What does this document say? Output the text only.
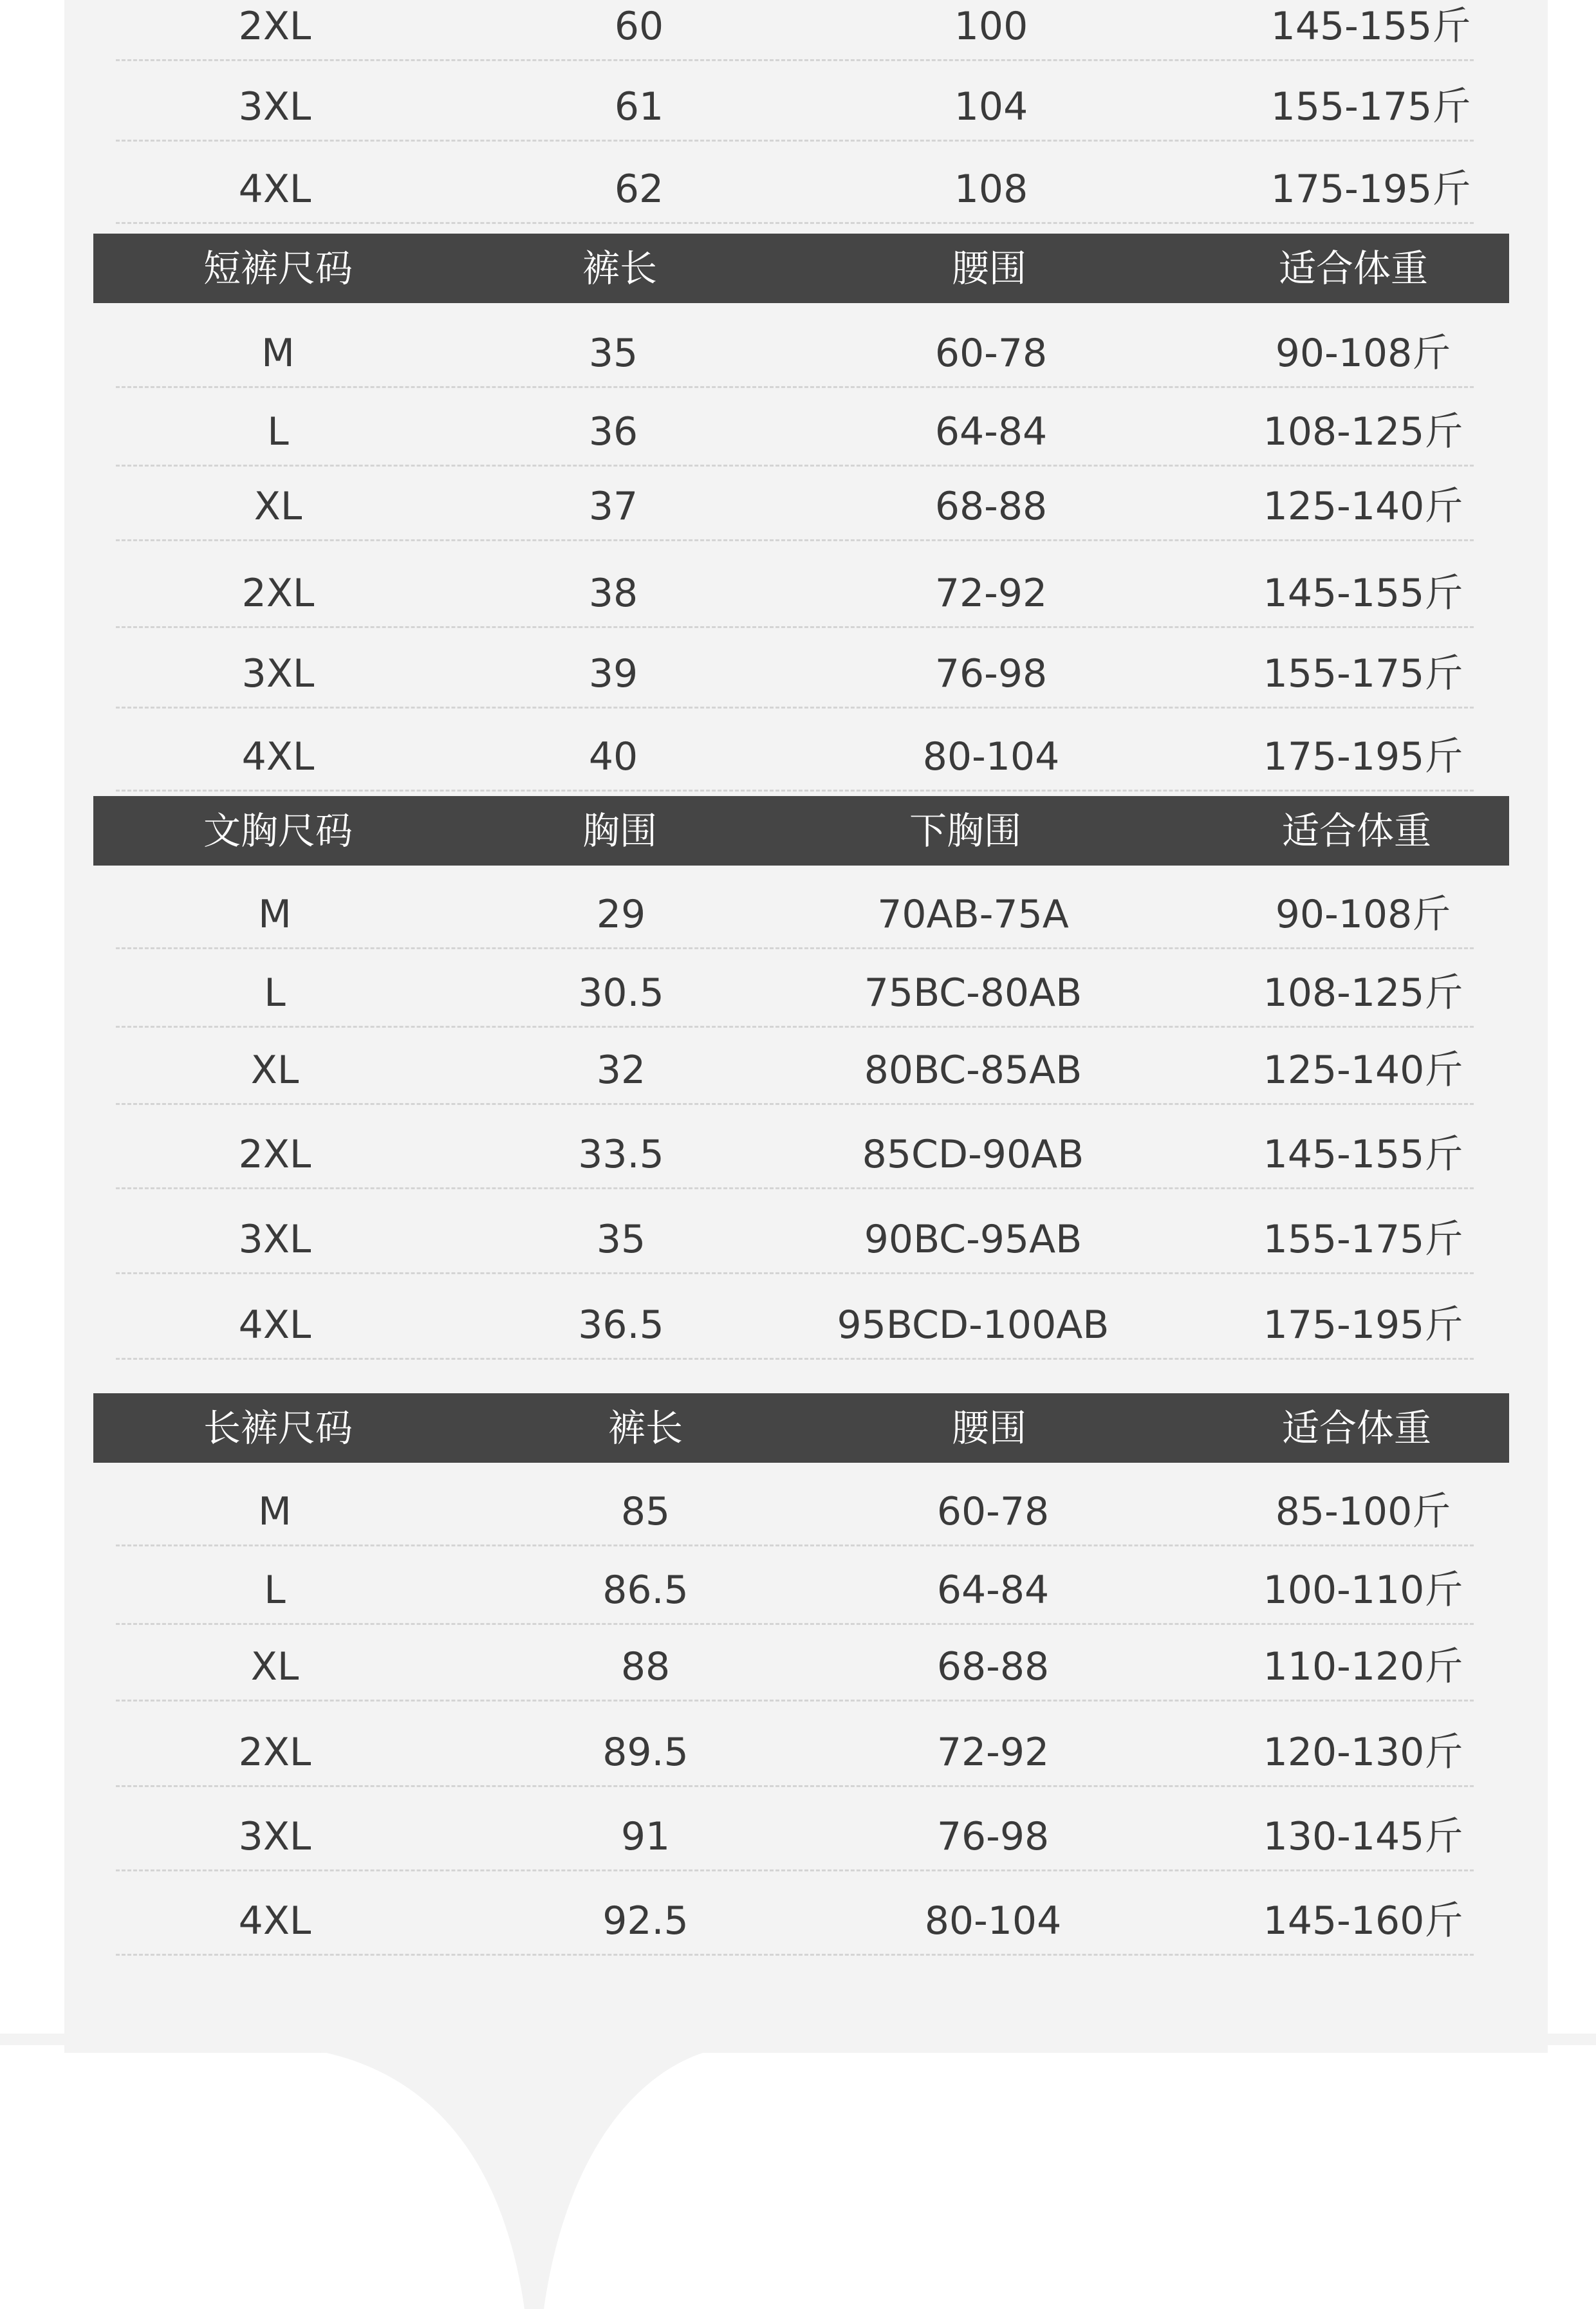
2XL	60	100	145-155斤
3XL	61	104	155-175斤
4XL	62	108	175-195斤
短裤尺码	裤长	腰围	适合体重
M	35	60-78	90-108斤
L	36	64-84	108-125斤
XL	37	68-88	125-140斤
2XL	38	72-92	145-155斤
3XL	39	76-98	155-175斤
4XL	40	80-104	175-195斤
文胸尺码	胸围	下胸围	适合体重
M	29	70AB-75A	90-108斤
L	30.5	75BC-80AB	108-125斤
XL	32	80BC-85AB	125-140斤
2XL	33.5	85CD-90AB	145-155斤
3XL	35	90BC-95AB	155-175斤
4XL	36.5	95BCD-100AB	175-195斤
长裤尺码	裤长	腰围	适合体重
M	85	60-78	85-100斤
L	86.5	64-84	100-110斤
XL	88	68-88	110-120斤
2XL	89.5	72-92	120-130斤
3XL	91	76-98	130-145斤
4XL	92.5	80-104	145-160斤
